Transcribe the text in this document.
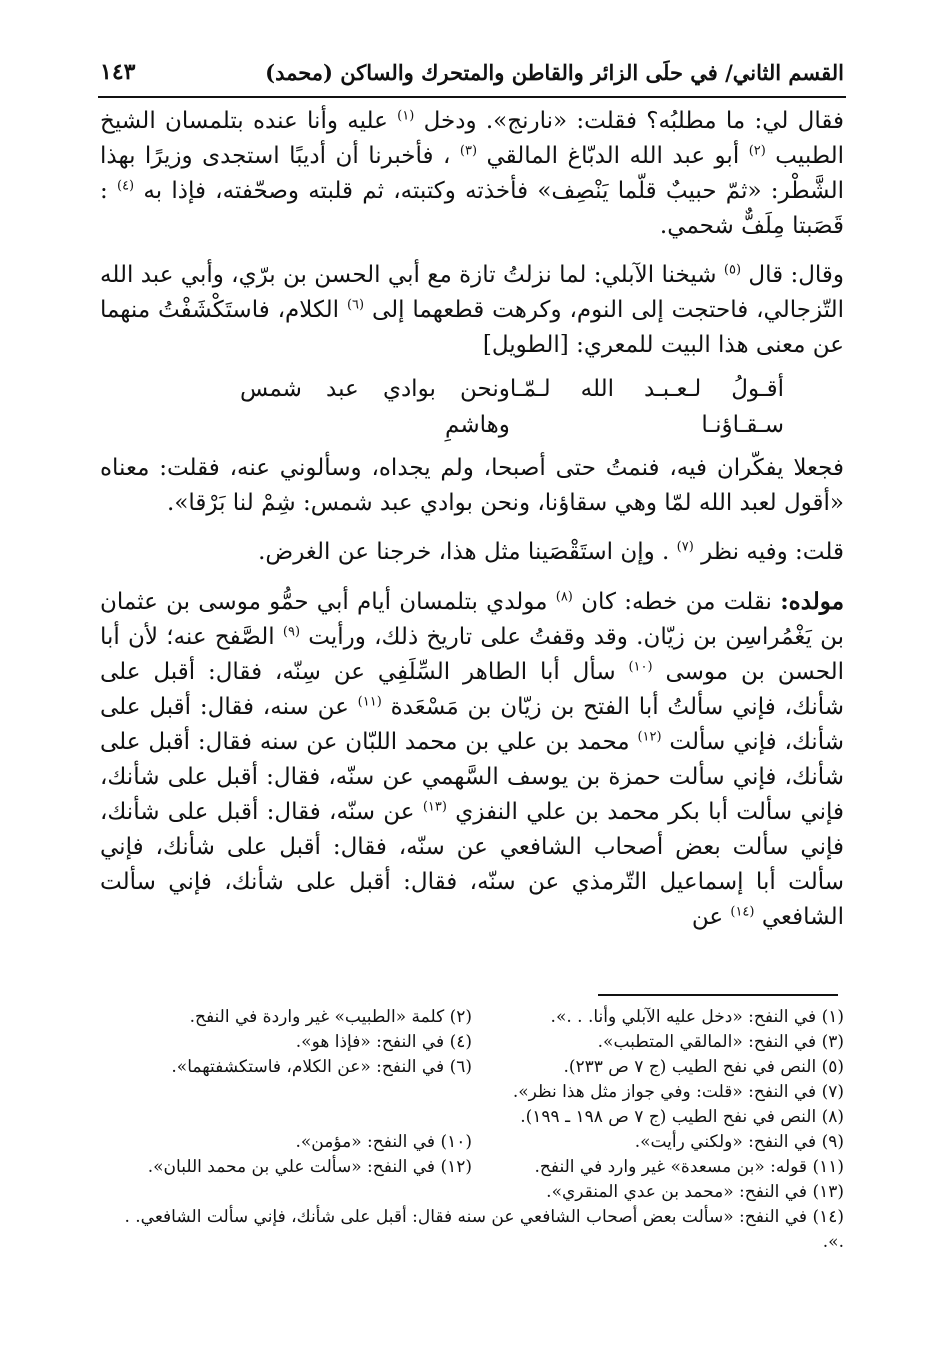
القسم الثاني/ في حلَى الزائر والقاطن والمتحرك والساكن (محمد)
١٤٣

فقال لي: ما مطلبُه؟ فقلت: «نارنج». ودخل $^{(١)}$ عليه وأنا عنده بتلمسان الشيخ الطبيب $^{(٢)}$ أبو عبد الله الدبّاغ المالقي $^{(٣)}$ ، فأخبرنا أن أديبًا استجدى وزيرًا بهذا الشَّطْر: «ثمّ حبيبٌ قلّما يَنْصِف» فأخذته وكتبته، ثم قلبته وصحّفته، فإذا به $^{(٤)}$ : قَصَبتا مِلَفٌّ شحمي.

وقال: قال $^{(٥)}$ شيخنا الآبلي: لما نزلتُ تازة مع أبي الحسن بن برّي، وأبي عبد الله التّزجالي، فاحتجت إلى النوم، وكرهت قطعهما إلى $^{(٦)}$ الكلام، فاستَكْشَفْتُ منهما عن معنى هذا البيت للمعري: [الطويل]

أقـولُ لـعـبـد الله لـمّـا سـقـاؤنـا
ونحن بوادي عبد شمس وهاشمِ

فجعلا يفكّران فيه، فنمتُ حتى أصبحا، ولم يجداه، وسألوني عنه، فقلت: معناه «أقول لعبد الله لمّا وهي سقاؤنا، ونحن بوادي عبد شمس: شِمْ لنا بَرْقا».

قلت: وفيه نظر $^{(٧)}$ . وإن استَقْصَينا مثل هذا، خرجنا عن الغرض.

مولده: نقلت من خطه: كان $^{(٨)}$ مولدي بتلمسان أيام أبي حمُّو موسى بن عثمان بن يَغْمُراسِن بن زيّان. وقد وقفتُ على تاريخ ذلك، ورأيت $^{(٩)}$ الصَّفح عنه؛ لأن أبا الحسن بن موسى $^{(١٠)}$ سأل أبا الطاهر السِّلَفِي عن سِنّه، فقال: أقبل على شأنك، فإني سألتُ أبا الفتح بن زيّان بن مَسْعَدة $^{(١١)}$ عن سنه، فقال: أقبل على شأنك، فإني سألت $^{(١٢)}$ محمد بن علي بن محمد اللبّان عن سنه فقال: أقبل على شأنك، فإني سألت حمزة بن يوسف السَّهمي عن سنّه، فقال: أقبل على شأنك، فإني سألت أبا بكر محمد بن علي النفزي $^{(١٣)}$ عن سنّه، فقال: أقبل على شأنك، فإني سألت بعض أصحاب الشافعي عن سنّه، فقال: أقبل على شأنك، فإني سألت أبا إسماعيل التّرمذي عن سنّه، فقال: أقبل على شأنك، فإني سألت الشافعي $^{(١٤)}$ عن

(١) في النفح: «دخل عليه الآبلي وأنا. . .».
(٢) كلمة «الطبيب» غير واردة في النفح.
(٣) في النفح: «المالقي المتطبب».
(٤) في النفح: «فإذا هو».
(٥) النص في نفح الطيب (ج ٧ ص ٢٣٣).
(٦) في النفح: «عن الكلام، فاستكشفتهما».
(٧) في النفح: «قلت: وفي جواز مثل هذا نظر».
(٨) النص في نفح الطيب (ج ٧ ص ١٩٨ ـ ١٩٩).
(٩) في النفح: «ولكني رأيت».
(١٠) في النفح: «مؤمن».
(١١) قوله: «بن مسعدة» غير وارد في النفح.
(١٢) في النفح: «سألت علي بن محمد اللبان».
(١٣) في النفح: «محمد بن عدي المنقري».
(١٤) في النفح: «سألت بعض أصحاب الشافعي عن سنه فقال: أقبل على شأنك، فإني سألت الشافعي. . .».
